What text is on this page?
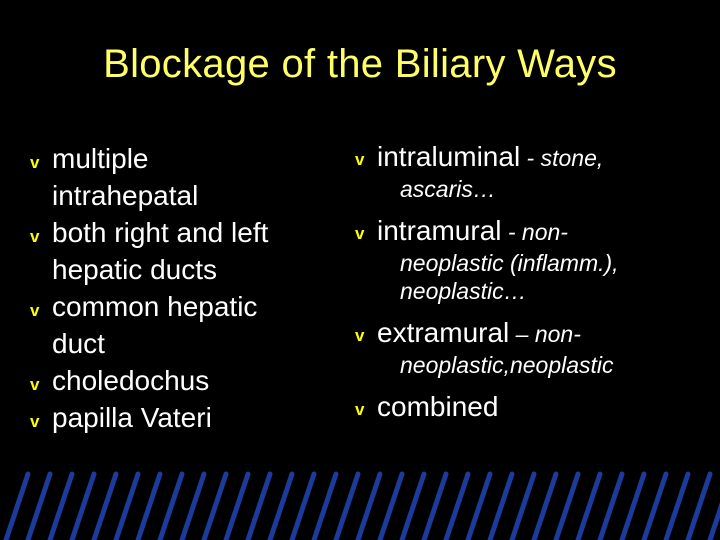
Blockage of the Biliary Ways
v multiple
intrahepatal
v both right and left
hepatic ducts
v common hepatic
duct
v choledochus
v papilla Vateri
v intraluminal - stone,
ascaris…
v intramural - non-
neoplastic (inflamm.),
neoplastic…
v extramural – non-
neoplastic,neoplastic
v combined
